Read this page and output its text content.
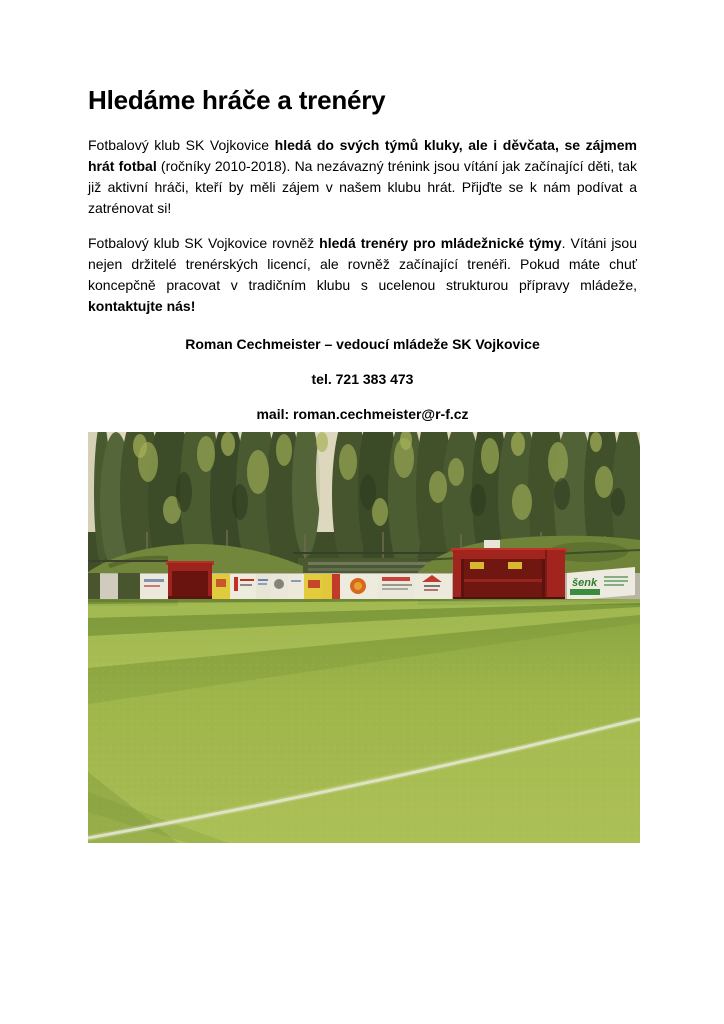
Hledáme hráče a trenéry

Fotbalový klub SK Vojkovice hledá do svých týmů kluky, ale i děvčata, se zájmem hrát fotbal (ročníky 2010-2018). Na nezávazný trénink jsou vítání jak začínající děti, tak již aktivní hráči, kteří by měli zájem v našem klubu hrát. Přijďte se k nám podívat a zatrénovat si!

Fotbalový klub SK Vojkovice rovněž hledá trenéry pro mládežnické týmy. Vítáni jsou nejen držitelé trenérských licencí, ale rovněž začínající trenéři. Pokud máte chuť koncepčně pracovat v tradičním klubu s ucelenou strukturou přípravy mládeže, kontaktujte nás!

Roman Cechmeister – vedoucí mládeže SK Vojkovice

tel. 721 383 473

mail: roman.cechmeister@r-f.cz

šenk
